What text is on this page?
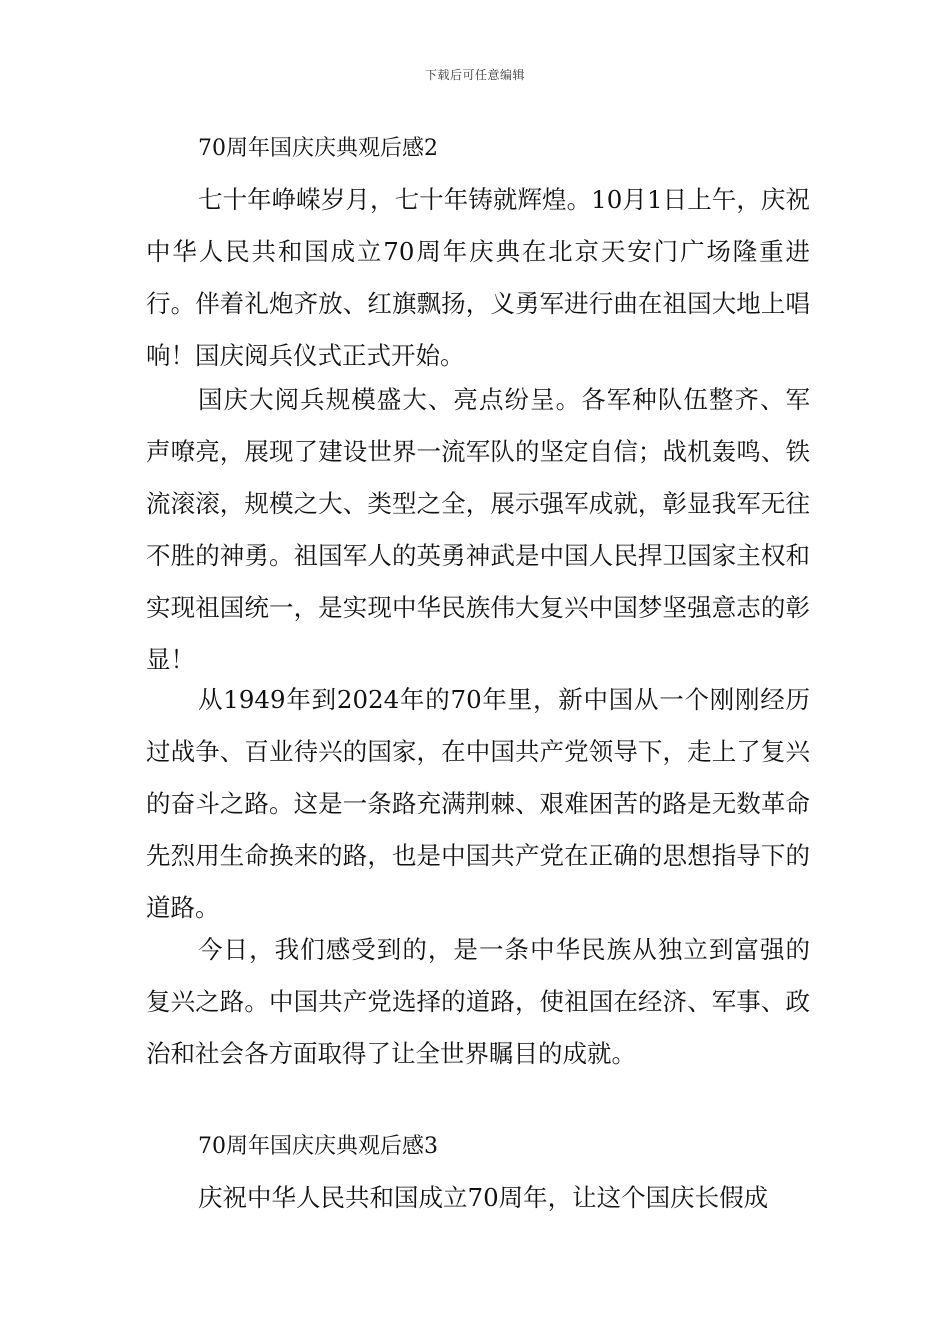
下载后可任意编辑
70周年国庆庆典观后感2

七十年峥嵘岁月，七十年铸就辉煌。10月1日上午，庆祝中华人民共和国成立70周年庆典在北京天安门广场隆重进行。伴着礼炮齐放、红旗飘扬，义勇军进行曲在祖国大地上唱响！国庆阅兵仪式正式开始。

国庆大阅兵规模盛大、亮点纷呈。各军种队伍整齐、军声嘹亮，展现了建设世界一流军队的坚定自信；战机轰鸣、铁流滚滚，规模之大、类型之全，展示强军成就，彰显我军无往不胜的神勇。祖国军人的英勇神武是中国人民捍卫国家主权和实现祖国统一，是实现中华民族伟大复兴中国梦坚强意志的彰显！

从1949年到2024年的70年里，新中国从一个刚刚经历过战争、百业待兴的国家，在中国共产党领导下，走上了复兴的奋斗之路。这是一条路充满荆棘、艰难困苦的路是无数革命先烈用生命换来的路，也是中国共产党在正确的思想指导下的道路。

今日，我们感受到的，是一条中华民族从独立到富强的复兴之路。中国共产党选择的道路，使祖国在经济、军事、政治和社会各方面取得了让全世界瞩目的成就。

70周年国庆庆典观后感3

庆祝中华人民共和国成立70周年，让这个国庆长假成
